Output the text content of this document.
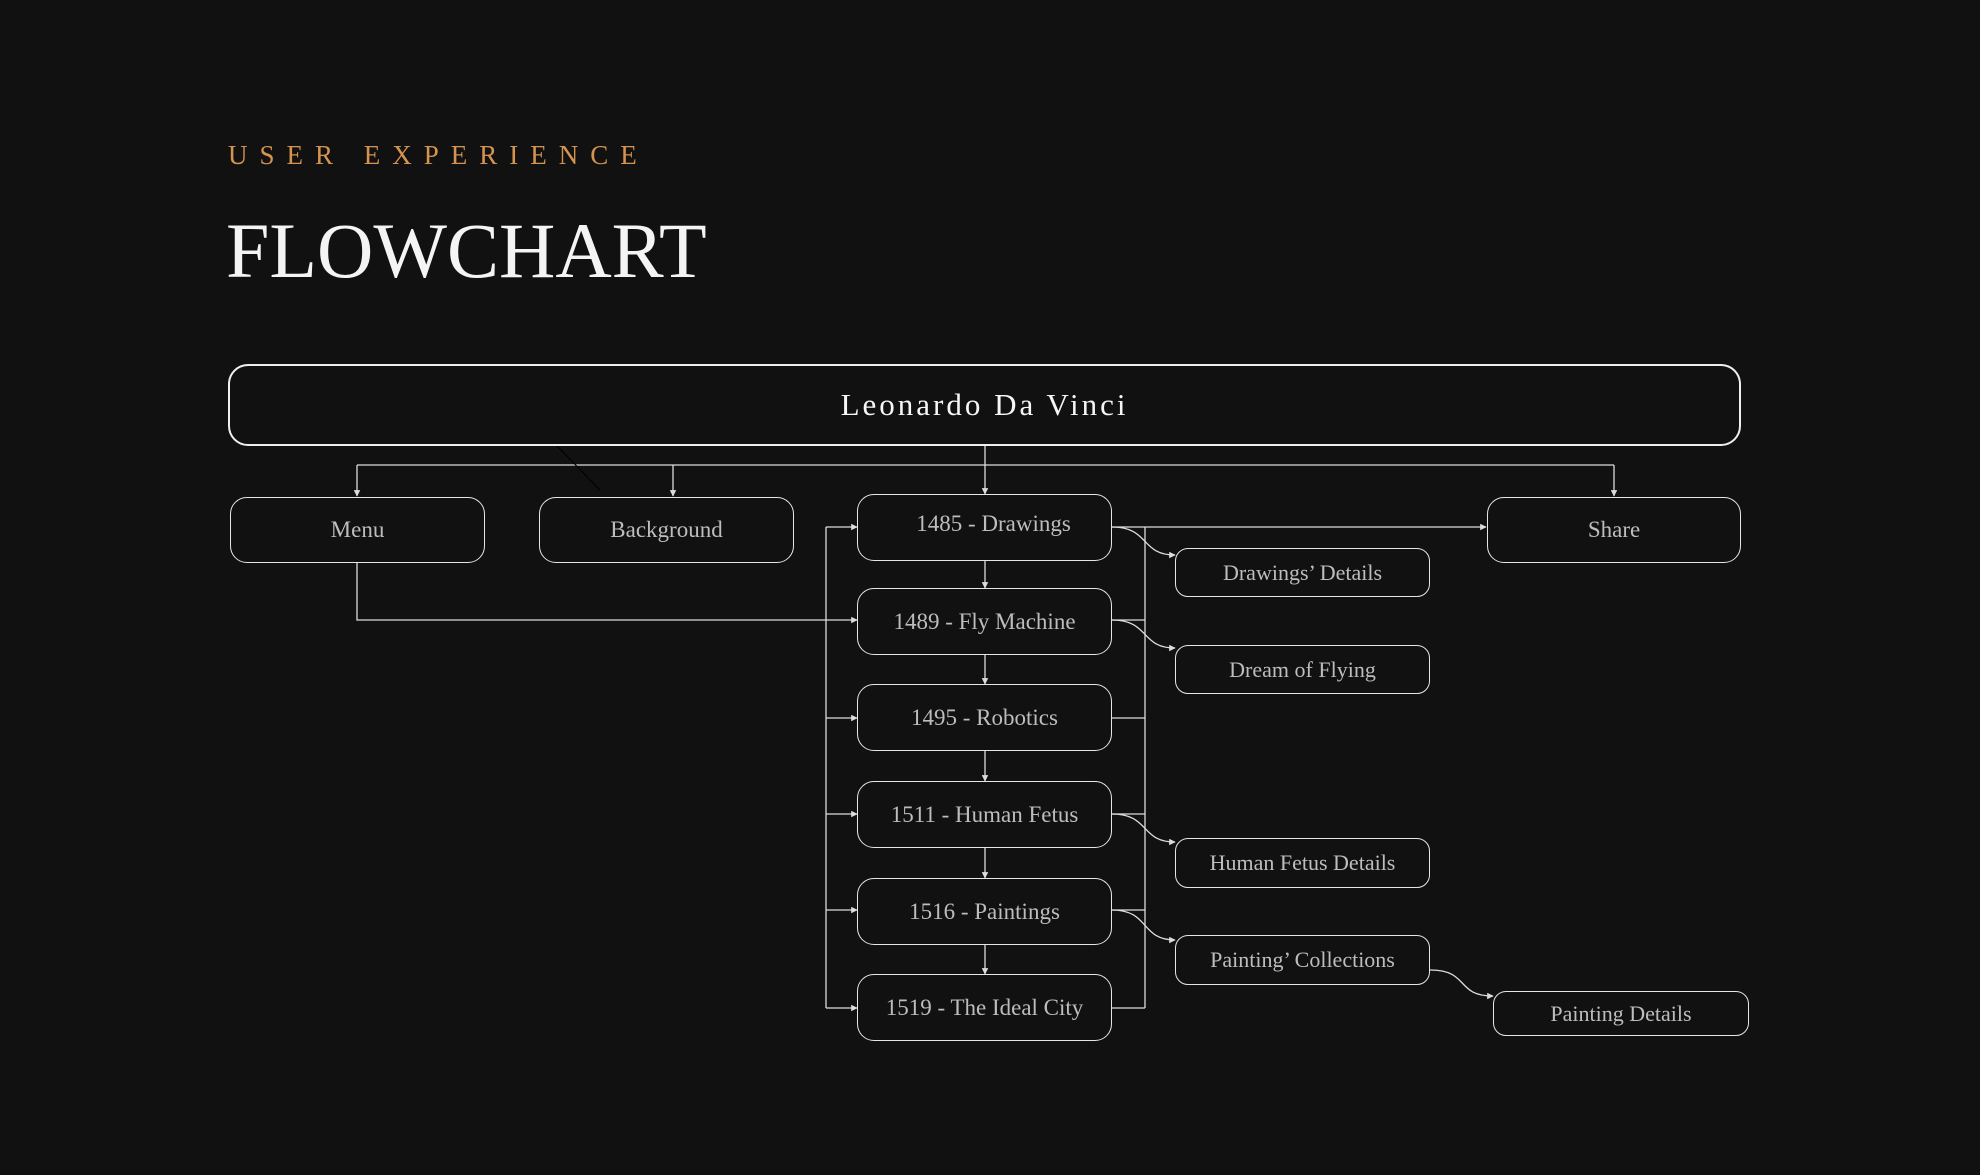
USER EXPERIENCE
FLOWCHART
Leonardo Da Vinci
Menu	Background	Share
1485 - Drawings
1489 - Fly Machine
1495 - Robotics
1511 - Human Fetus
1516 - Paintings
1519 - The Ideal City
Drawings’ Details
Dream of Flying
Human Fetus Details
Painting’ Collections
Painting Details
